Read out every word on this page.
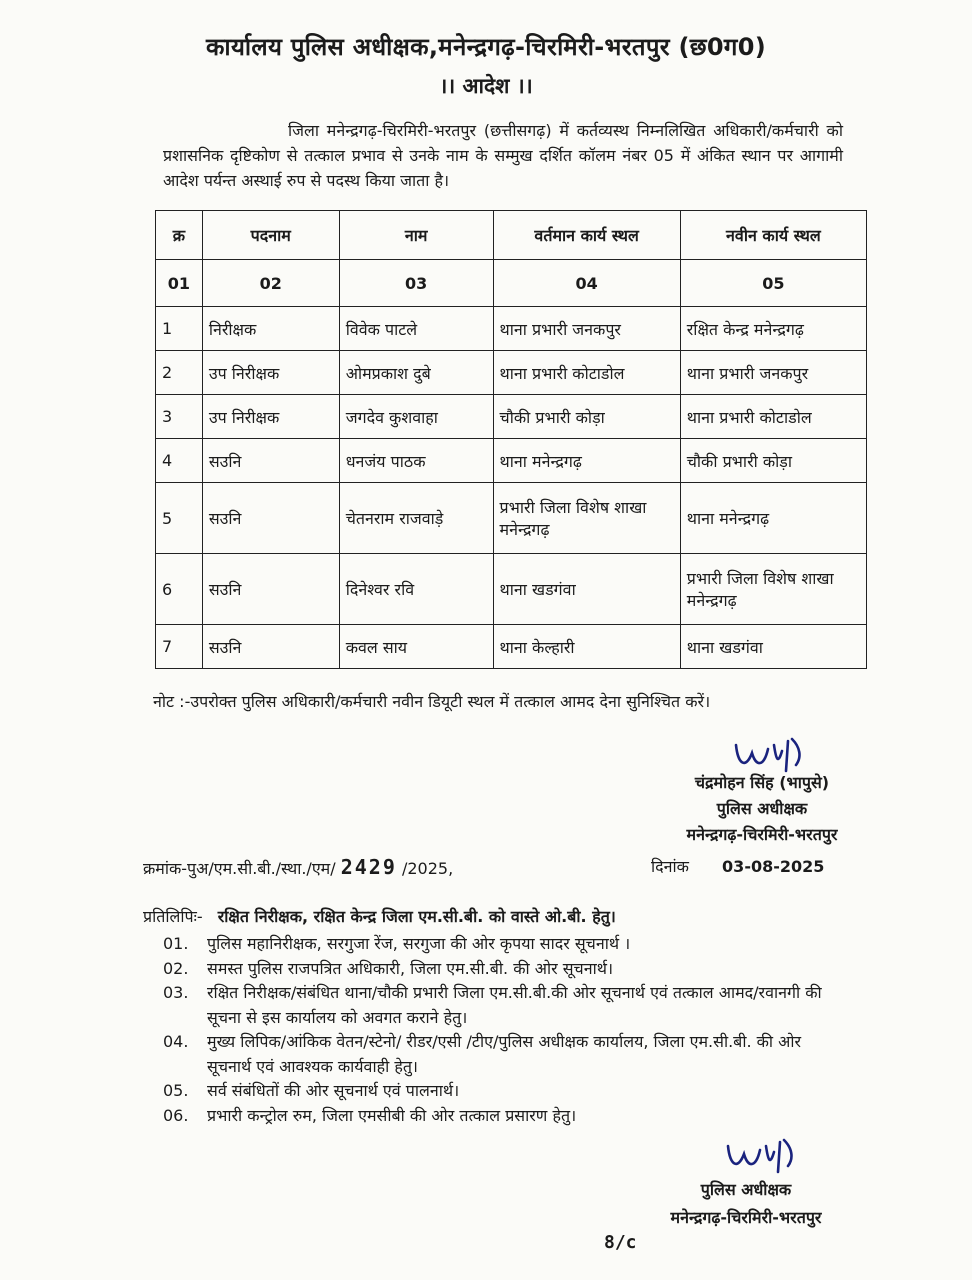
कार्यालय पुलिस अधीक्षक,मनेन्द्रगढ़-चिरमिरी-भरतपुर (छ0ग0)
।। आदेश ।।
जिला मनेन्द्रगढ़-चिरमिरी-भरतपुर (छत्तीसगढ़) में कर्तव्यस्थ निम्नलिखित अधिकारी/कर्मचारी को प्रशासनिक दृष्टिकोण से तत्काल प्रभाव से उनके नाम के सम्मुख दर्शित कॉलम नंबर 05 में अंकित स्थान पर आगामी आदेश पर्यन्त अस्थाई रुप से पदस्थ किया जाता है।
क्र	पदनाम	नाम	वर्तमान कार्य स्थल	नवीन कार्य स्थल
01	02	03	04	05
1	निरीक्षक	विवेक पाटले	थाना प्रभारी जनकपुर	रक्षित केन्द्र मनेन्द्रगढ़
2	उप निरीक्षक	ओमप्रकाश दुबे	थाना प्रभारी कोटाडोल	थाना प्रभारी जनकपुर
3	उप निरीक्षक	जगदेव कुशवाहा	चौकी प्रभारी कोड़ा	थाना प्रभारी कोटाडोल
4	सउनि	धनजंय पाठक	थाना मनेन्द्रगढ़	चौकी प्रभारी कोड़ा
5	सउनि	चेतनराम राजवाड़े	प्रभारी जिला विशेष शाखा मनेन्द्रगढ़	थाना मनेन्द्रगढ़
6	सउनि	दिनेश्वर रवि	थाना खडगंवा	प्रभारी जिला विशेष शाखा मनेन्द्रगढ़
7	सउनि	कवल साय	थाना केल्हारी	थाना खडगंवा
नोट :-उपरोक्त पुलिस अधिकारी/कर्मचारी नवीन डियूटी स्थल में तत्काल आमद देना सुनिश्चित करें।
चंद्रमोहन सिंह (भापुसे)
पुलिस अधीक्षक
मनेन्द्रगढ़-चिरमिरी-भरतपुर
क्रमांक-पुअ/एम.सी.बी./स्था./एम/ 2429 /2025,	दिनांक 03-08-2025
प्रतिलिपिः- रक्षित निरीक्षक, रक्षित केन्द्र जिला एम.सी.बी. को वास्ते ओ.बी. हेतु।
01.	पुलिस महानिरीक्षक, सरगुजा रेंज, सरगुजा की ओर कृपया सादर सूचनार्थ ।
02.	समस्त पुलिस राजपत्रित अधिकारी, जिला एम.सी.बी. की ओर सूचनार्थ।
03.	रक्षित निरीक्षक/संबंधित थाना/चौकी प्रभारी जिला एम.सी.बी.की ओर सूचनार्थ एवं तत्काल आमद/रवानगी की सूचना से इस कार्यालय को अवगत कराने हेतु।
04.	मुख्य लिपिक/आंकिक वेतन/स्टेनो/ रीडर/एसी /टीए/पुलिस अधीक्षक कार्यालय, जिला एम.सी.बी. की ओर सूचनार्थ एवं आवश्यक कार्यवाही हेतु।
05.	सर्व संबंधितों की ओर सूचनार्थ एवं पालनार्थ।
06.	प्रभारी कन्ट्रोल रुम, जिला एमसीबी की ओर तत्काल प्रसारण हेतु।
पुलिस अधीक्षक
मनेन्द्रगढ़-चिरमिरी-भरतपुर
8/c
